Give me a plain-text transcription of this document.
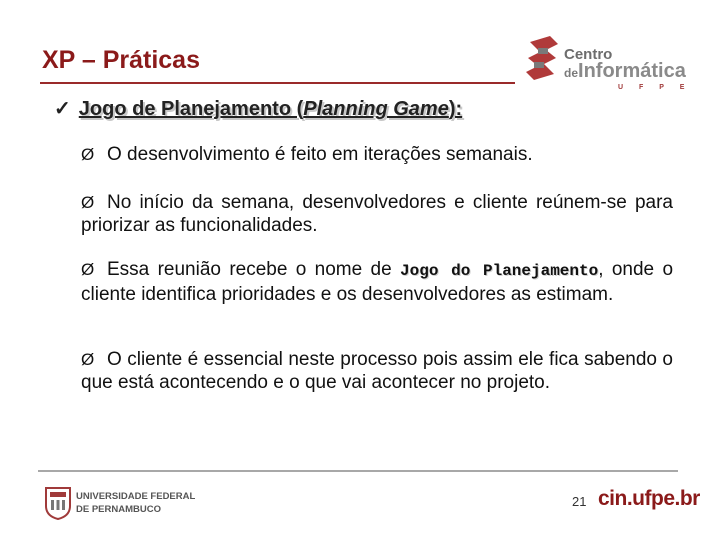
XP – Práticas	Centro
deInformática
U F P E
✓ Jogo de Planejamento (Planning Game):
Ø O desenvolvimento é feito em iterações semanais.
Ø No início da semana, desenvolvedores e cliente reúnem-se para priorizar as funcionalidades.
Ø Essa reunião recebe o nome de Jogo do Planejamento, onde o cliente identifica prioridades e os desenvolvedores as estimam.
Ø O cliente é essencial neste processo pois assim ele fica sabendo o que está acontecendo e o que vai acontecer no projeto.
UNIVERSIDADE FEDERAL
DE PERNAMBUCO
21 cin.ufpe.br
